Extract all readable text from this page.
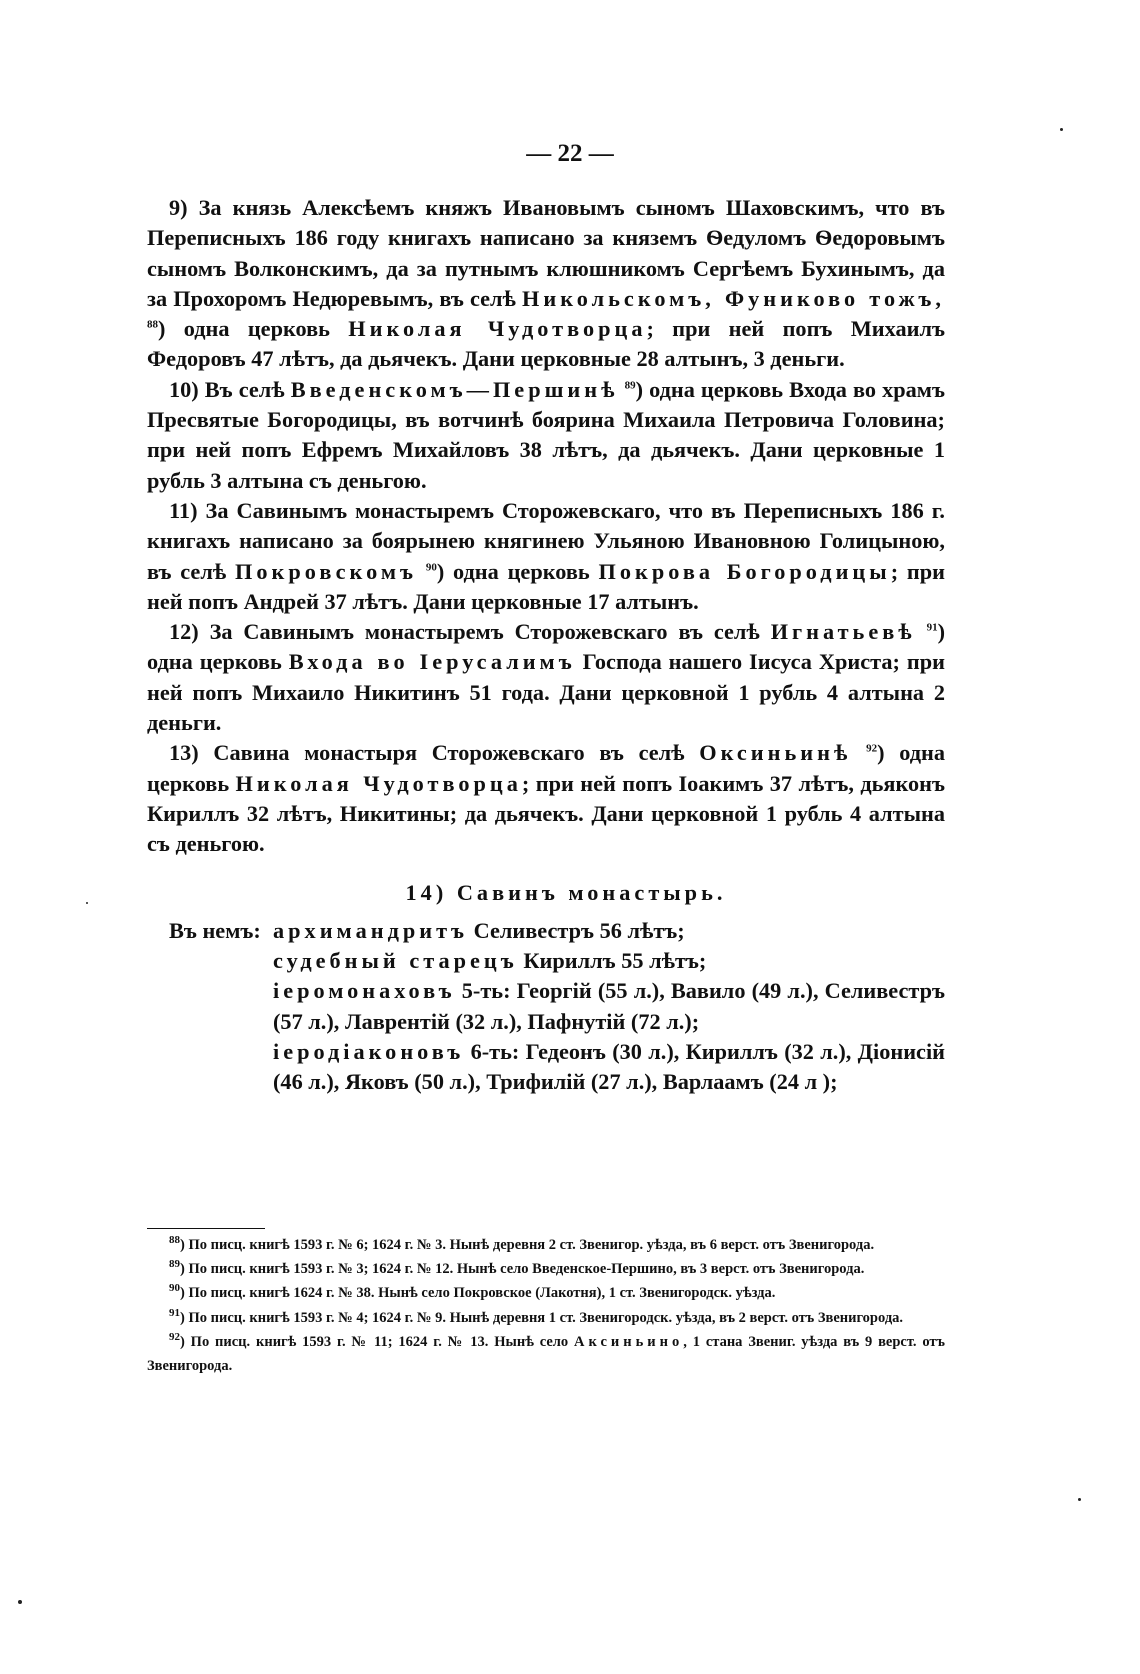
— 22 —

9) За князь Алексѣемъ княжъ Ивановымъ сыномъ Шаховскимъ, что въ Переписныхъ 186 году книгахъ написано за княземъ Ѳедуломъ Ѳедоровымъ сыномъ Волконскимъ, да за путнымъ клюшникомъ Сергѣемъ Бухинымъ, да за Прохоромъ Недюревымъ, въ селѣ Никольскомъ, Фуниково тожъ, $^{88}$) одна церковь Николая Чудотворца; при ней попъ Михаилъ Федоровъ 47 лѣтъ, да дьячекъ. Дани церковные 28 алтынъ, 3 деньги.

10) Въ селѣ Введенскомъ—Першинѣ $^{89}$) одна церковь Входа во храмъ Пресвятые Богородицы, въ вотчинѣ боярина Михаила Петровича Головина; при ней попъ Ефремъ Михайловъ 38 лѣтъ, да дьячекъ. Дани церковные 1 рубль 3 алтына съ деньгою.

11) За Савинымъ монастыремъ Сторожевскаго, что въ Переписныхъ 186 г. книгахъ написано за боярынею княгинею Ульяною Ивановною Голицыною, въ селѣ Покровскомъ $^{90}$) одна церковь Покрова Богородицы; при ней попъ Андрей 37 лѣтъ. Дани церковные 17 алтынъ.

12) За Савинымъ монастыремъ Сторожевскаго въ селѣ Игнатьевѣ $^{91}$) одна церковь Входа во Іерусалимъ Господа нашего Іисуса Христа; при ней попъ Михаило Никитинъ 51 года. Дани церковной 1 рубль 4 алтына 2 деньги.

13) Савина монастыря Сторожевскаго въ селѣ Оксиньинѣ $^{92}$) одна церковь Николая Чудотворца; при ней попъ Іоакимъ 37 лѣтъ, дьяконъ Кириллъ 32 лѣтъ, Никитины; да дьячекъ. Дани церковной 1 рубль 4 алтына съ деньгою.

14) Савинъ монастырь.
Въ немъ: архимандритъ Селивестръ 56 лѣтъ;
судебный старецъ Кириллъ 55 лѣтъ;
іеромонаховъ 5-ть: Георгій (55 л.), Вавило (49 л.), Селивестръ (57 л.), Лаврентій (32 л.), Пафнутій (72 л.);
іеродіаконовъ 6-ть: Гедеонъ (30 л.), Кириллъ (32 л.), Діонисій (46 л.), Яковъ (50 л.), Трифилій (27 л.), Варлаамъ (24 л );

$^{88}$) По писц. книгѣ 1593 г. № 6; 1624 г. № 3. Нынѣ деревня 2 ст. Звенигор. уѣзда, въ 6 верст. отъ Звенигорода.

$^{89}$) По писц. книгѣ 1593 г. № 3; 1624 г. № 12. Нынѣ село Введенское-Першино, въ 3 верст. отъ Звенигорода.

$^{90}$) По писц. книгѣ 1624 г. № 38. Нынѣ село Покровское (Лакотня), 1 ст. Звенигородск. уѣзда.

$^{91}$) По писц. книгѣ 1593 г. № 4; 1624 г. № 9. Нынѣ деревня 1 ст. Звенигородск. уѣзда, въ 2 верст. отъ Звенигорода.

$^{92}$) По писц. книгѣ 1593 г. № 11; 1624 г. № 13. Нынѣ село Аксиньино, 1 стана Звениг. уѣзда въ 9 верст. отъ Звенигорода.
